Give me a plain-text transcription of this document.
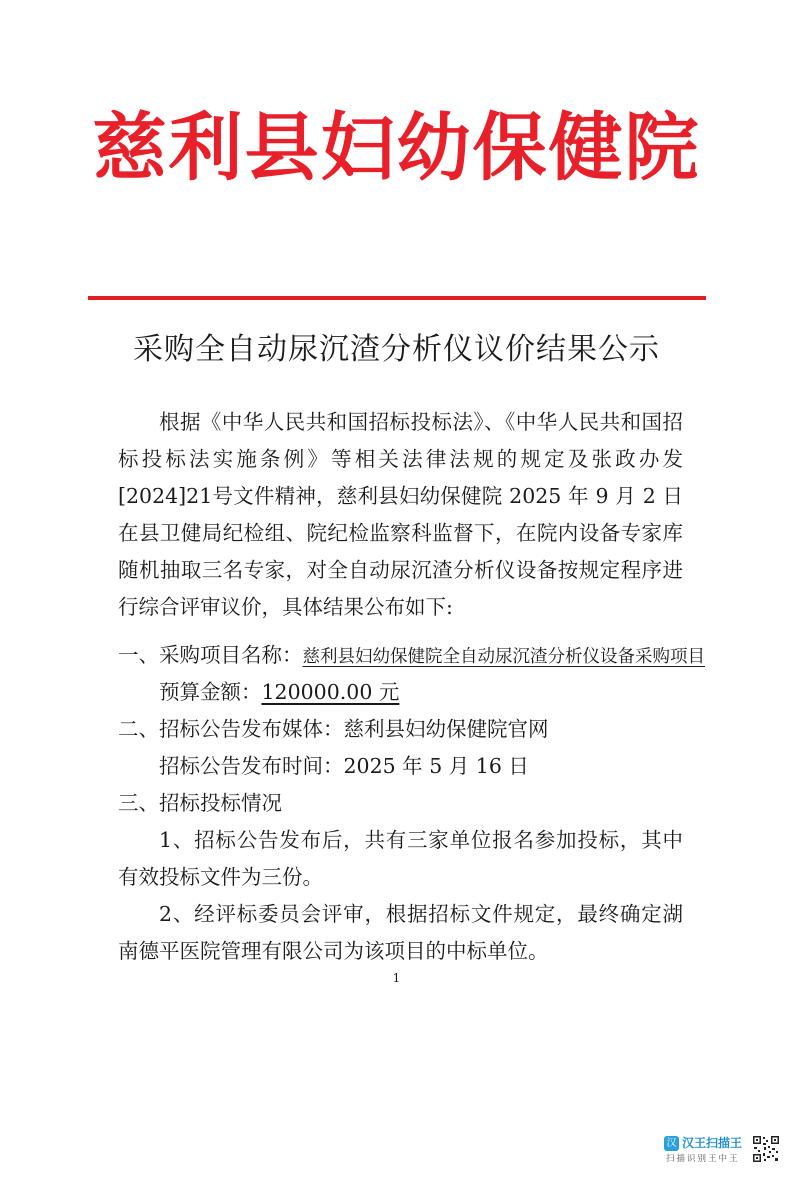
慈利县妇幼保健院
采购全自动尿沉渣分析仪议价结果公示
根据《中华人民共和国招标投标法》、《中华人民共和国招标投标法实施条例》等相关法律法规的规定及张政办发[2024]21号文件精神，慈利县妇幼保健院 2025 年 9 月 2 日在县卫健局纪检组、院纪检监察科监督下，在院内设备专家库随机抽取三名专家，对全自动尿沉渣分析仪设备按规定程序进行综合评审议价，具体结果公布如下:
一、采购项目名称：慈利县妇幼保健院全自动尿沉渣分析仪设备采购项目
预算金额：120000.00 元
二、招标公告发布媒体：慈利县妇幼保健院官网
招标公告发布时间：2025 年 5 月 16 日
三、招标投标情况
1、招标公告发布后，共有三家单位报名参加投标，其中有效投标文件为三份。
2、经评标委员会评审，根据招标文件规定，最终确定湖南德平医院管理有限公司为该项目的中标单位。
1
汉 汉王扫描王
扫描识别王中王
